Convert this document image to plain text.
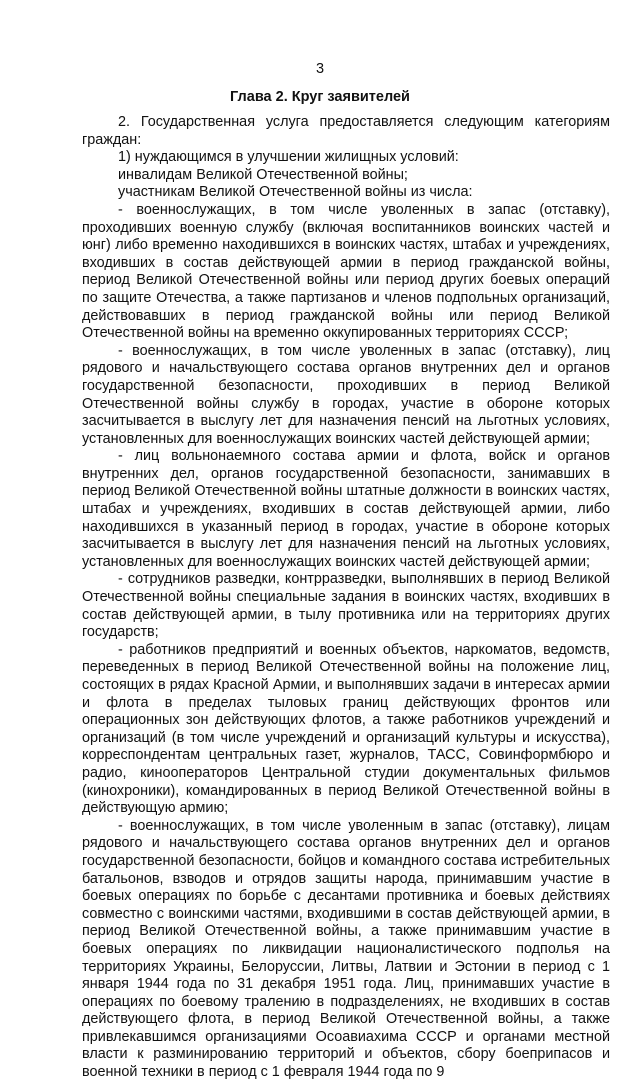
3
Глава 2. Круг заявителей

2. Государственная услуга предоставляется следующим категориям граждан:

1) нуждающимся в улучшении жилищных условий:

инвалидам Великой Отечественной войны;

участникам Великой Отечественной войны из числа:

- военнослужащих, в том числе уволенных в запас (отставку), проходивших военную службу (включая воспитанников воинских частей и юнг) либо временно находившихся в воинских частях, штабах и учреждениях, входивших в состав действующей армии в период гражданской войны, период Великой Отечественной войны или период других боевых операций по защите Отечества, а также партизанов и членов подпольных организаций, действовавших в период гражданской войны или период Великой Отечественной войны на временно оккупированных территориях СССР;

- военнослужащих, в том числе уволенных в запас (отставку), лиц рядового и начальствующего состава органов внутренних дел и органов государственной безопасности, проходивших в период Великой Отечественной войны службу в городах, участие в обороне которых засчитывается в выслугу лет для назначения пенсий на льготных условиях, установленных для военнослужащих воинских частей действующей армии;

- лиц вольнонаемного состава армии и флота, войск и органов внутренних дел, органов государственной безопасности, занимавших в период Великой Отечественной войны штатные должности в воинских частях, штабах и учреждениях, входивших в состав действующей армии, либо находившихся в указанный период в городах, участие в обороне которых засчитывается в выслугу лет для назначения пенсий на льготных условиях, установленных для военнослужащих воинских частей действующей армии;

- сотрудников разведки, контрразведки, выполнявших в период Великой Отечественной войны специальные задания в воинских частях, входивших в состав действующей армии, в тылу противника или на территориях других государств;

- работников предприятий и военных объектов, наркоматов, ведомств, переведенных в период Великой Отечественной войны на положение лиц, состоящих в рядах Красной Армии, и выполнявших задачи в интересах армии и флота в пределах тыловых границ действующих фронтов или операционных зон действующих флотов, а также работников учреждений и организаций (в том числе учреждений и организаций культуры и искусства), корреспондентам центральных газет, журналов, ТАСС, Совинформбюро и радио, кинооператоров Центральной студии документальных фильмов (кинохроники), командированных в период Великой Отечественной войны в действующую армию;

- военнослужащих, в том числе уволенным в запас (отставку), лицам рядового и начальствующего состава органов внутренних дел и органов государственной безопасности, бойцов и командного состава истребительных батальонов, взводов и отрядов защиты народа, принимавшим участие в боевых операциях по борьбе с десантами противника и боевых действиях совместно с воинскими частями, входившими в состав действующей армии, в период Великой Отечественной войны, а также принимавшим участие в боевых операциях по ликвидации националистического подполья на территориях Украины, Белоруссии, Литвы, Латвии и Эстонии в период с 1 января 1944 года по 31 декабря 1951 года. Лиц, принимавших участие в операциях по боевому тралению в подразделениях, не входивших в состав действующего флота, в период Великой Отечественной войны, а также привлекавшимся организациями Осоавиахима СССР и органами местной власти к разминированию территорий и объектов, сбору боеприпасов и военной техники в период с 1 февраля 1944 года по 9
